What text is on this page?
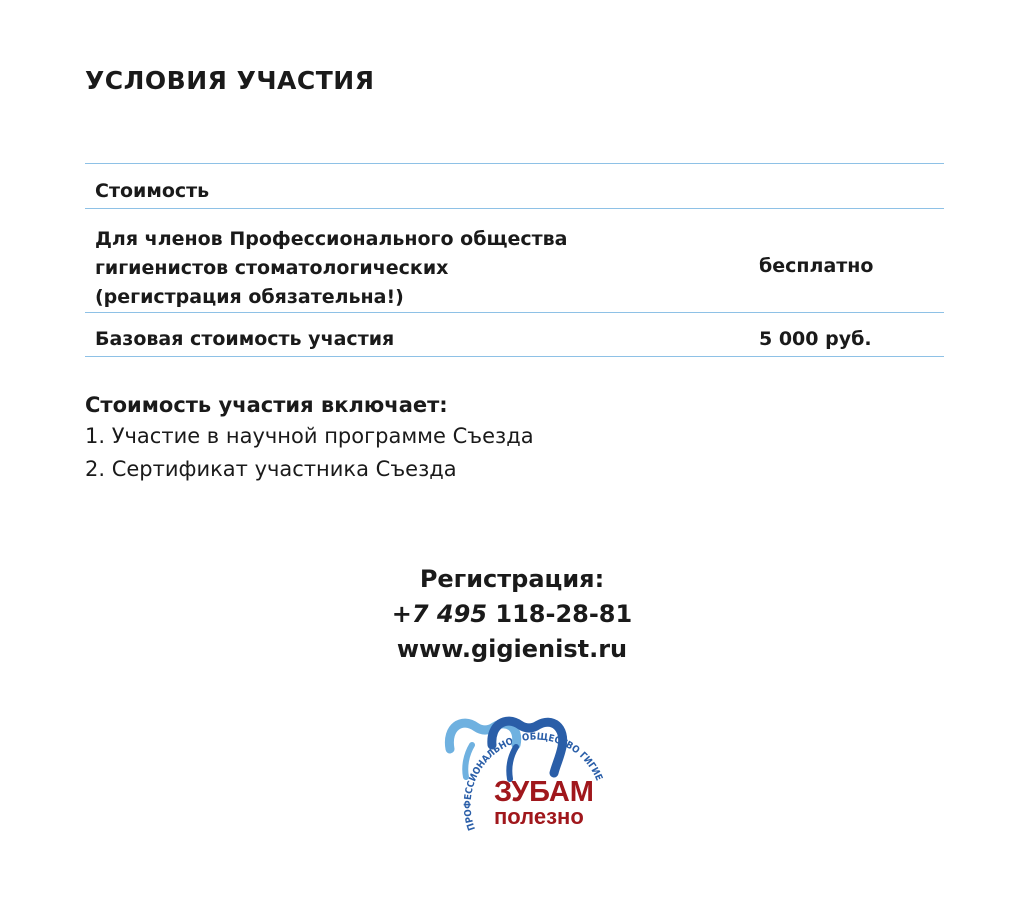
УСЛОВИЯ УЧАСТИЯ
Стоимость
Для членов Профессионального общества
гигиенистов стоматологических
(регистрация обязательна!)
бесплатно
Базовая стоимость участия	5 000 руб.
Стоимость участия включает:
1. Участие в научной программе Съезда
2. Сертификат участника Съезда
Регистрация:
+7 495 118-28-81
www.gigienist.ru
ПРОФЕССИОНАЛЬНОЕ ОБЩЕСТВО ГИГИЕ
ЗУБАМ
полезно
